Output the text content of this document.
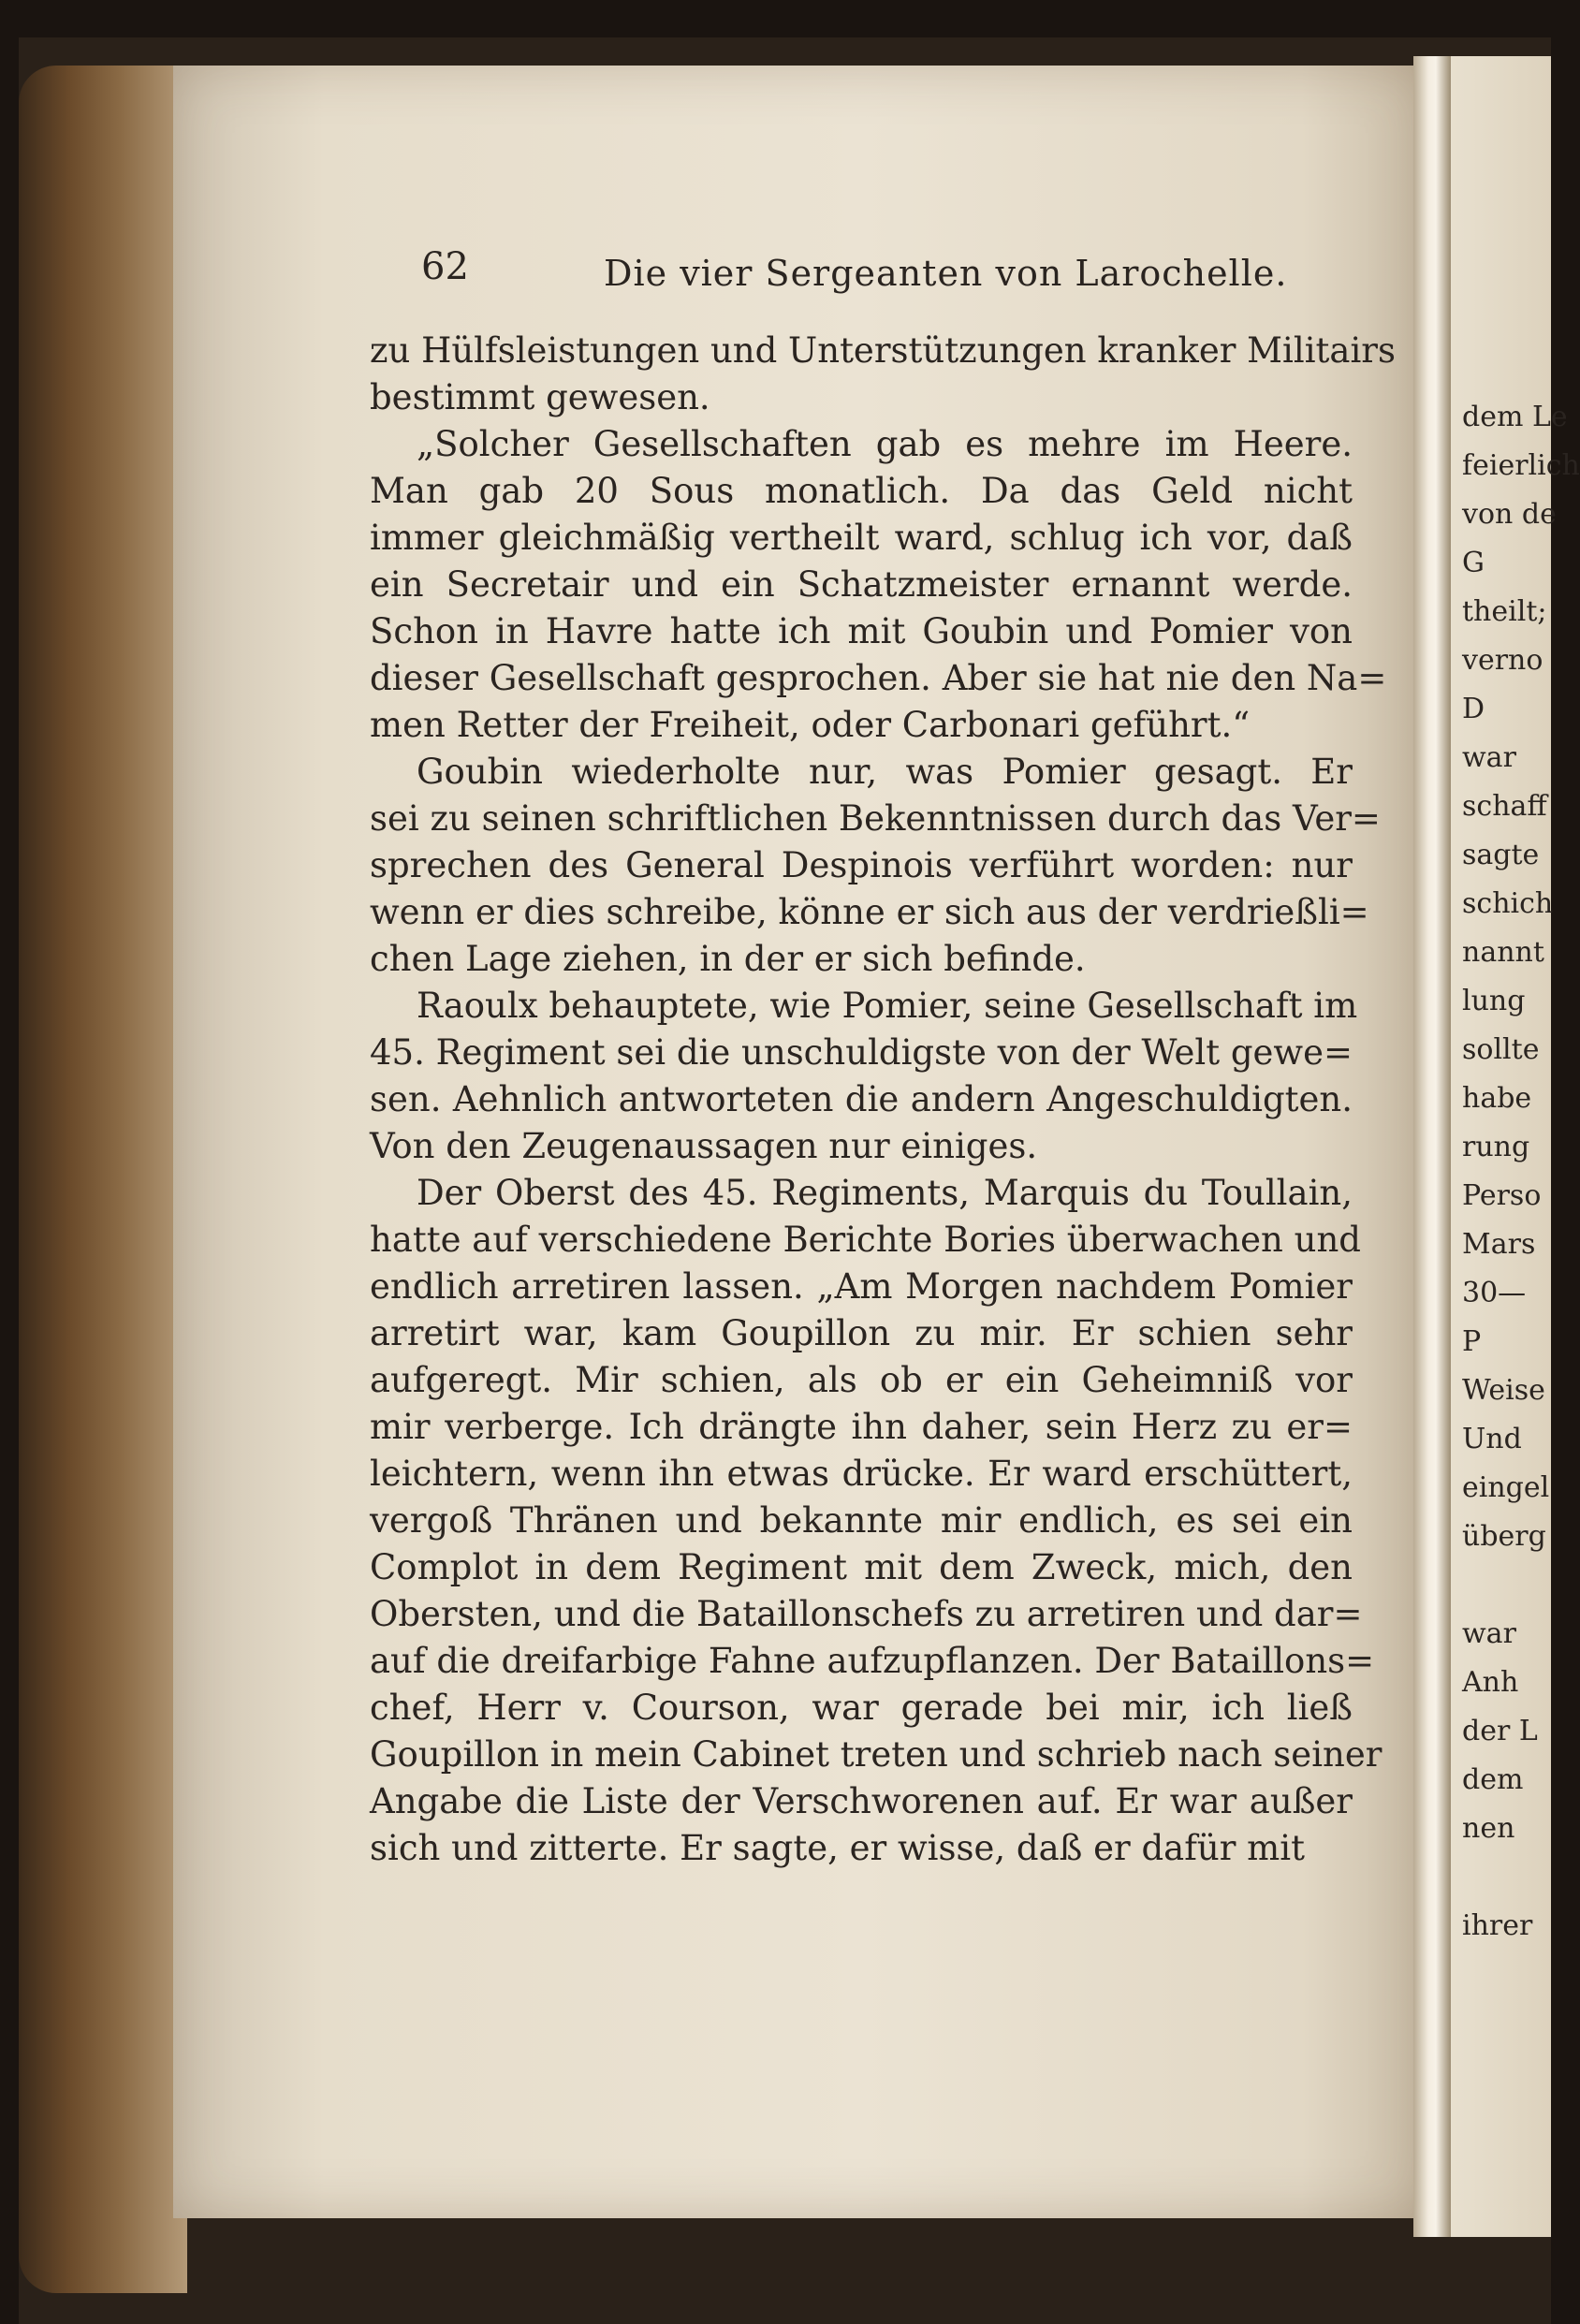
dem Le
feierlich
von de
G
theilt;
verno
D
war
schaff
sagte
schich
nannt
lung
sollte
habe
rung
Perso
Mars
30—
P
Weise
Und
eingel
überg
war
Anh
der L
dem
nen
ihrer
62	Die vier Sergeanten von Larochelle.
zu Hülfsleistungen und Unterstützungen kranker Militairs
bestimmt gewesen.
„Solcher Gesellschaften gab es mehre im Heere.
Man gab 20 Sous monatlich. Da das Geld nicht
immer gleichmäßig vertheilt ward, schlug ich vor, daß
ein Secretair und ein Schatzmeister ernannt werde.
Schon in Havre hatte ich mit Goubin und Pomier von
dieser Gesellschaft gesprochen. Aber sie hat nie den Na=
men Retter der Freiheit, oder Carbonari geführt.“
Goubin wiederholte nur, was Pomier gesagt. Er
sei zu seinen schriftlichen Bekenntnissen durch das Ver=
sprechen des General Despinois verführt worden: nur
wenn er dies schreibe, könne er sich aus der verdrießli=
chen Lage ziehen, in der er sich befinde.
Raoulx behauptete, wie Pomier, seine Gesellschaft im
45. Regiment sei die unschuldigste von der Welt gewe=
sen. Aehnlich antworteten die andern Angeschuldigten.
Von den Zeugenaussagen nur einiges.
Der Oberst des 45. Regiments, Marquis du Toullain,
hatte auf verschiedene Berichte Bories überwachen und
endlich arretiren lassen. „Am Morgen nachdem Pomier
arretirt war, kam Goupillon zu mir. Er schien sehr
aufgeregt. Mir schien, als ob er ein Geheimniß vor
mir verberge. Ich drängte ihn daher, sein Herz zu er=
leichtern, wenn ihn etwas drücke. Er ward erschüttert,
vergoß Thränen und bekannte mir endlich, es sei ein
Complot in dem Regiment mit dem Zweck, mich, den
Obersten, und die Bataillonschefs zu arretiren und dar=
auf die dreifarbige Fahne aufzupflanzen. Der Bataillons=
chef, Herr v. Courson, war gerade bei mir, ich ließ
Goupillon in mein Cabinet treten und schrieb nach seiner
Angabe die Liste der Verschworenen auf. Er war außer
sich und zitterte. Er sagte, er wisse, daß er dafür mit
